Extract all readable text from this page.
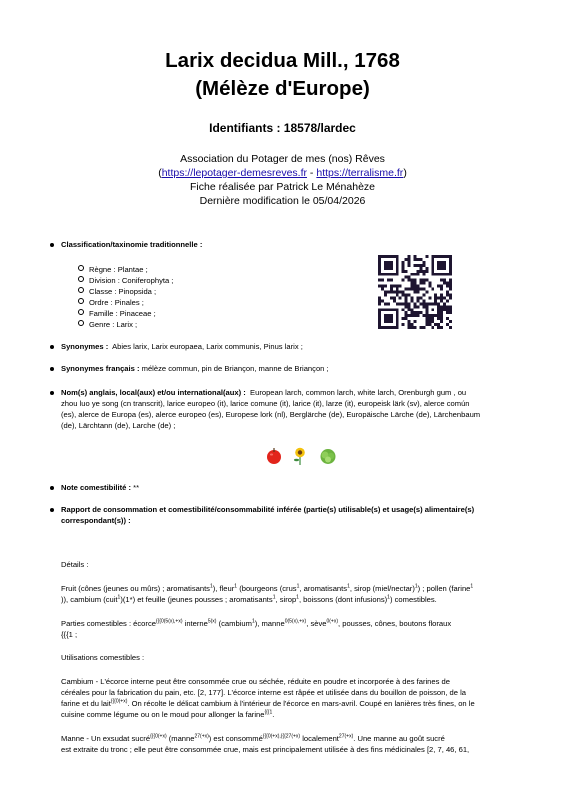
Larix decidua Mill., 1768
(Mélèze d'Europe)
Identifiants : 18578/lardec
Association du Potager de mes (nos) Rêves
(https://lepotager-demesreves.fr - https://terralisme.fr)
Fiche réalisée par Patrick Le Ménahèze
Dernière modification le 05/04/2026
Classification/taxinomie traditionnelle :
Règne : Plantae ;
Division : Coniferophyta ;
Classe : Pinopsida ;
Ordre : Pinales ;
Famille : Pinaceae ;
Genre : Larix ;
Synonymes : Abies larix, Larix europaea, Larix communis, Pinus larix ;
Synonymes français : mélèze commun, pin de Briançon, manne de Briançon ;
Nom(s) anglais, local(aux) et/ou international(aux) : European larch, common larch, white larch, Orenburgh gum , ou
zhou luo ye song (cn transcrit), larice europeo (it), larice comune (it), larice (it), larze (it), europeisk lärk (sv), alerce común
(es), alerce de Europa (es), alerce europeo (es), Europese lork (nl), Berglärche (de), Europäische Lärche (de), Lärchenbaum
(de), Lärchtann (de), Larche (de) ;

Note comestibilité : **
Rapport de consommation et comestibilité/consommabilité inférée (partie(s) utilisable(s) et usage(s) alimentaire(s)
correspondant(s)) :
Détails :
Fruit (cônes (jeunes ou mûrs) ; aromatisants$^1$), fleur$^1$ (bourgeons (crus$^1$, aromatisants$^1$, sirop (miel/nectar)$^1$) ; pollen (farine$^1$
)), cambium (cuit$^1$)(1*) et feuille (jeunes pousses ; aromatisants$^1$, sirop$^1$, boissons (dont infusions)$^1$) comestibles.
Parties comestibles : écorce$^{\{\{\{0(5(x),+x)}$ interne$^{5(x)}$ (cambium$^1$), manne$^{0(5(x),+x)}$, sève$^{0(+x)}$, pousses, cônes, boutons floraux
{{{1 ;
Utilisations comestibles :
Cambium - L'écorce interne peut être consommée crue ou séchée, réduite en poudre et incorporée à des farines de
céréales pour la fabrication du pain, etc. [2, 177]. L'écorce interne est râpée et utilisée dans du bouillon de poisson, de la
farine et du lait$^{\{\{\{0(+x)}$. On récolte le délicat cambium à l'intérieur de l'écorce en mars-avril. Coupé en lanières très fines, on le
cuisine comme légume ou on le moud pour allonger la farine$^{\{\{\{1}$.
Manne - Un exsudat sucré$^{\{\{\{0(+x)}$ (manne$^{27(+x)}$) est consommé$^{\{\{\{0(+x),\{\{\{27(+x)}$ localement$^{27(+x)}$. Une manne au goût sucré
est extraite du tronc ; elle peut être consommée crue, mais est principalement utilisée à des fins médicinales [2, 7, 46, 61,
